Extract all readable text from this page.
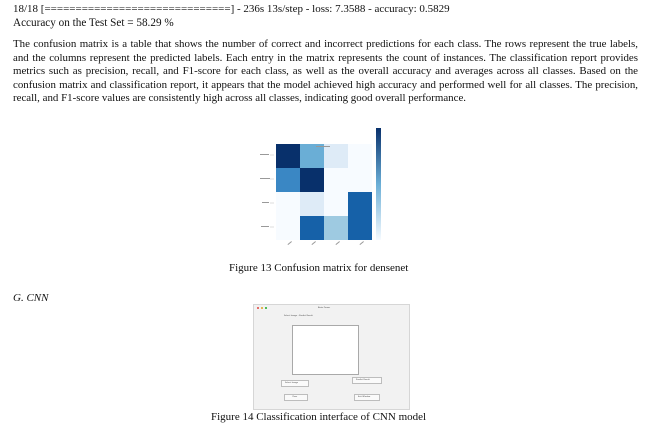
18/18 [==============================] - 236s 13s/step - loss: 7.3588 - accuracy: 0.5829
Accuracy on the Test Set = 58.29 %
The confusion matrix is a table that shows the number of correct and incorrect predictions for each class. The rows represent the true labels, and the columns represent the predicted labels. Each entry in the matrix represents the count of instances. The classification report provides metrics such as precision, recall, and F1-score for each class, as well as the overall accuracy and averages across all classes. Based on the confusion matrix and classification report, it appears that the model achieved high accuracy and performed well for all classes. The precision, recall, and F1-score values are consistently high across all classes, indicating good overall performance.
Figure 13 Confusion matrix for densenet
G. CNN
Brain Tumor
Select Image - Predict Result
Select Image
Predict Result
Clear	Exit Window
Figure 14 Classification interface of CNN model
